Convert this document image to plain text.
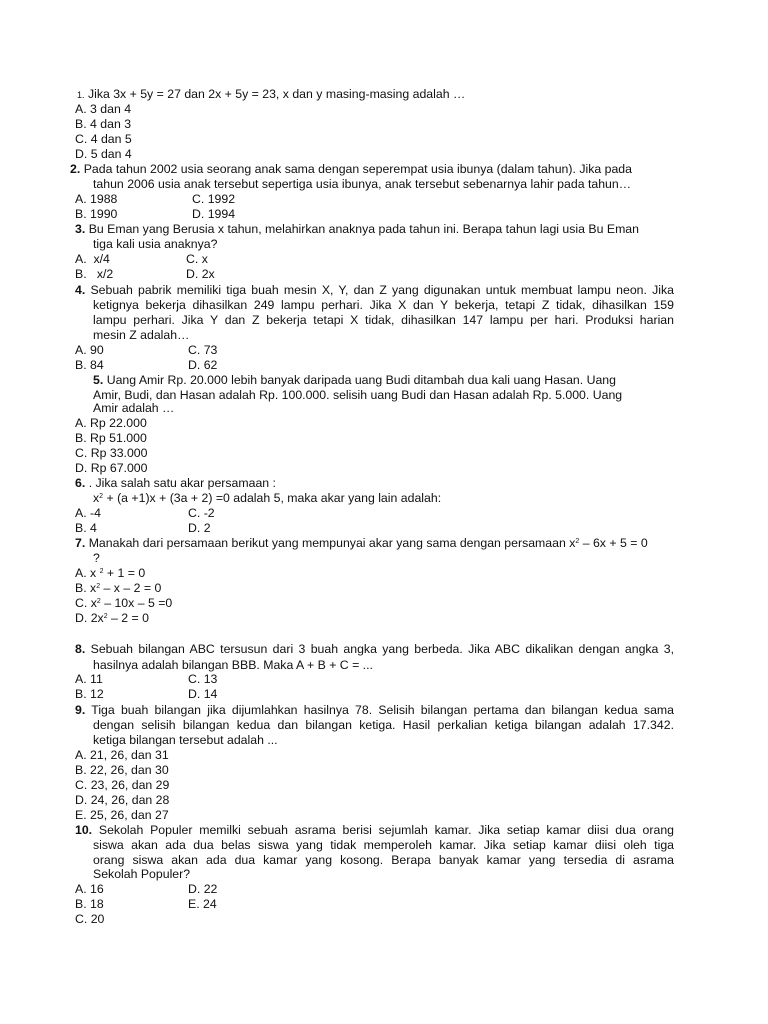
1. Jika 3x + 5y = 27 dan 2x + 5y = 23, x dan y masing-masing adalah …
A. 3 dan 4
B. 4 dan 3
C. 4 dan 5
D. 5 dan 4
2. Pada tahun 2002 usia seorang anak sama dengan seperempat usia ibunya (dalam tahun). Jika pada
tahun 2006 usia anak tersebut sepertiga usia ibunya, anak tersebut sebenarnya lahir pada tahun…
A. 1988	C. 1992
B. 1990	D. 1994
3. Bu Eman yang Berusia x tahun, melahirkan anaknya pada tahun ini. Berapa tahun lagi usia Bu Eman
tiga kali usia anaknya?
A.  x/4	C. x
B.   x/2	D. 2x
4. Sebuah pabrik memiliki tiga buah mesin X, Y, dan Z yang digunakan untuk membuat lampu neon. Jika
ketignya bekerja dihasilkan 249 lampu perhari. Jika X dan Y bekerja, tetapi Z tidak, dihasilkan 159
lampu perhari. Jika Y dan Z bekerja tetapi X tidak, dihasilkan 147 lampu per hari. Produksi harian
mesin Z adalah…
A. 90	C. 73
B. 84	D. 62
5. Uang Amir Rp. 20.000 lebih banyak daripada uang Budi ditambah dua kali uang Hasan. Uang
Amir, Budi, dan Hasan adalah Rp. 100.000. selisih uang Budi dan Hasan adalah Rp. 5.000. Uang
Amir adalah …
A. Rp 22.000
B. Rp 51.000
C. Rp 33.000
D. Rp 67.000
6. . Jika salah satu akar persamaan :
$x^2 + (a +1)x + (3a + 2) =0$ adalah 5, maka akar yang lain adalah:
A. -4	C. -2
B. 4	D. 2
7. Manakah dari persamaan berikut yang mempunyai akar yang sama dengan persamaan $x^2 - 6x + 5 = 0$
?
A. x $^2$ + 1 = 0
B. $x^2 - x - 2 = 0$
C. $x^2 - 10x - 5 =0$
D. $2x^2 - 2 = 0$
8. Sebuah bilangan ABC tersusun dari 3 buah angka yang berbeda. Jika ABC dikalikan dengan angka 3,
hasilnya adalah bilangan BBB. Maka A + B + C = ...
A. 11	C. 13
B. 12	D. 14
9. Tiga buah bilangan jika dijumlahkan hasilnya 78. Selisih bilangan pertama dan bilangan kedua sama
dengan selisih bilangan kedua dan bilangan ketiga. Hasil perkalian ketiga bilangan adalah 17.342.
ketiga bilangan tersebut adalah ...
A. 21, 26, dan 31
B. 22, 26, dan 30
C. 23, 26, dan 29
D. 24, 26, dan 28
E. 25, 26, dan 27
10. Sekolah Populer memilki sebuah asrama berisi sejumlah kamar. Jika setiap kamar diisi dua orang
siswa akan ada dua belas siswa yang tidak memperoleh kamar. Jika setiap kamar diisi oleh tiga
orang siswa akan ada dua kamar yang kosong. Berapa banyak kamar yang tersedia di asrama
Sekolah Populer?
A. 16	D. 22
B. 18	E. 24
C. 20
